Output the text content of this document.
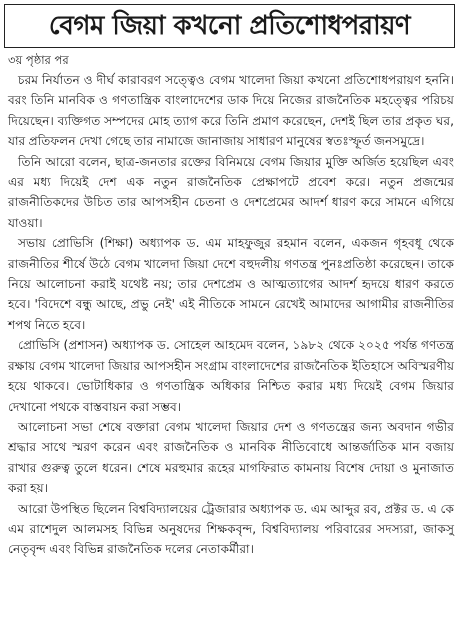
বেগম জিয়া কখনো প্রতিশোধপরায়ণ

৩য় পৃষ্ঠার পর

চরম নির্যাতন ও দীর্ঘ কারাবরণ সত্ত্বেও বেগম খালেদা জিয়া কখনো প্রতিশোধপরায়ণ হননি। বরং তিনি মানবিক ও গণতান্ত্রিক বাংলাদেশের ডাক দিয়ে নিজের রাজনৈতিক মহত্ত্বের পরিচয় দিয়েছেন। ব্যক্তিগত সম্পদের মোহ ত্যাগ করে তিনি প্রমাণ করেছেন, দেশই ছিল তার প্রকৃত ঘর, যার প্রতিফলন দেখা গেছে তার নামাজে জানাজায় সাধারণ মানুষের স্বতঃস্ফূর্ত জনসমুদ্রে।

তিনি আরো বলেন, ছাত্র-জনতার রক্তের বিনিময়ে বেগম জিয়ার মুক্তি অর্জিত হয়েছিল এবং এর মধ্য দিয়েই দেশ এক নতুন রাজনৈতিক প্রেক্ষাপটে প্রবেশ করে। নতুন প্রজন্মের রাজনীতিকদের উচিত তার আপসহীন চেতনা ও দেশপ্রেমের আদর্শ ধারণ করে সামনে এগিয়ে যাওয়া।

সভায় প্রোভিসি (শিক্ষা) অধ্যাপক ড. এম মাহফুজুর রহমান বলেন, একজন গৃহবধূ থেকে রাজনীতির শীর্ষে উঠে বেগম খালেদা জিয়া দেশে বহুদলীয় গণতন্ত্র পুনঃপ্রতিষ্ঠা করেছেন। তাকে নিয়ে আলোচনা করাই যথেষ্ট নয়; তার দেশপ্রেম ও আত্মত্যাগের আদর্শ হৃদয়ে ধারণ করতে হবে। 'বিদেশে বন্ধু আছে, প্রভু নেই' এই নীতিকে সামনে রেখেই আমাদের আগামীর রাজনীতির শপথ নিতে হবে।

প্রোভিসি (প্রশাসন) অধ্যাপক ড. সোহেল আহমেদ বলেন, ১৯৮২ থেকে ২০২৫ পর্যন্ত গণতন্ত্র রক্ষায় বেগম খালেদা জিয়ার আপসহীন সংগ্রাম বাংলাদেশের রাজনৈতিক ইতিহাসে অবিস্মরণীয় হয়ে থাকবে। ভোটাধিকার ও গণতান্ত্রিক অধিকার নিশ্চিত করার মধ্য দিয়েই বেগম জিয়ার দেখানো পথকে বাস্তবায়ন করা সম্ভব।

আলোচনা সভা শেষে বক্তারা বেগম খালেদা জিয়ার দেশ ও গণতন্ত্রের জন্য অবদান গভীর শ্রদ্ধার সাথে স্মরণ করেন এবং রাজনৈতিক ও মানবিক নীতিবোধে আন্তর্জাতিক মান বজায় রাখার গুরুত্ব তুলে ধরেন। শেষে মরহুমার রূহের মাগফিরাত কামনায় বিশেষ দোয়া ও মুনাজাত করা হয়।

আরো উপস্থিত ছিলেন বিশ্ববিদ্যালয়ের ট্রেজারার অধ্যাপক ড. এম আব্দুর রব, প্রক্টর ড. এ কে এম রাশেদুল আলমসহ বিভিন্ন অনুষদের শিক্ষকবৃন্দ, বিশ্ববিদ্যালয় পরিবারের সদস্যরা, জাকসু নেতৃবৃন্দ এবং বিভিন্ন রাজনৈতিক দলের নেতাকর্মীরা।
